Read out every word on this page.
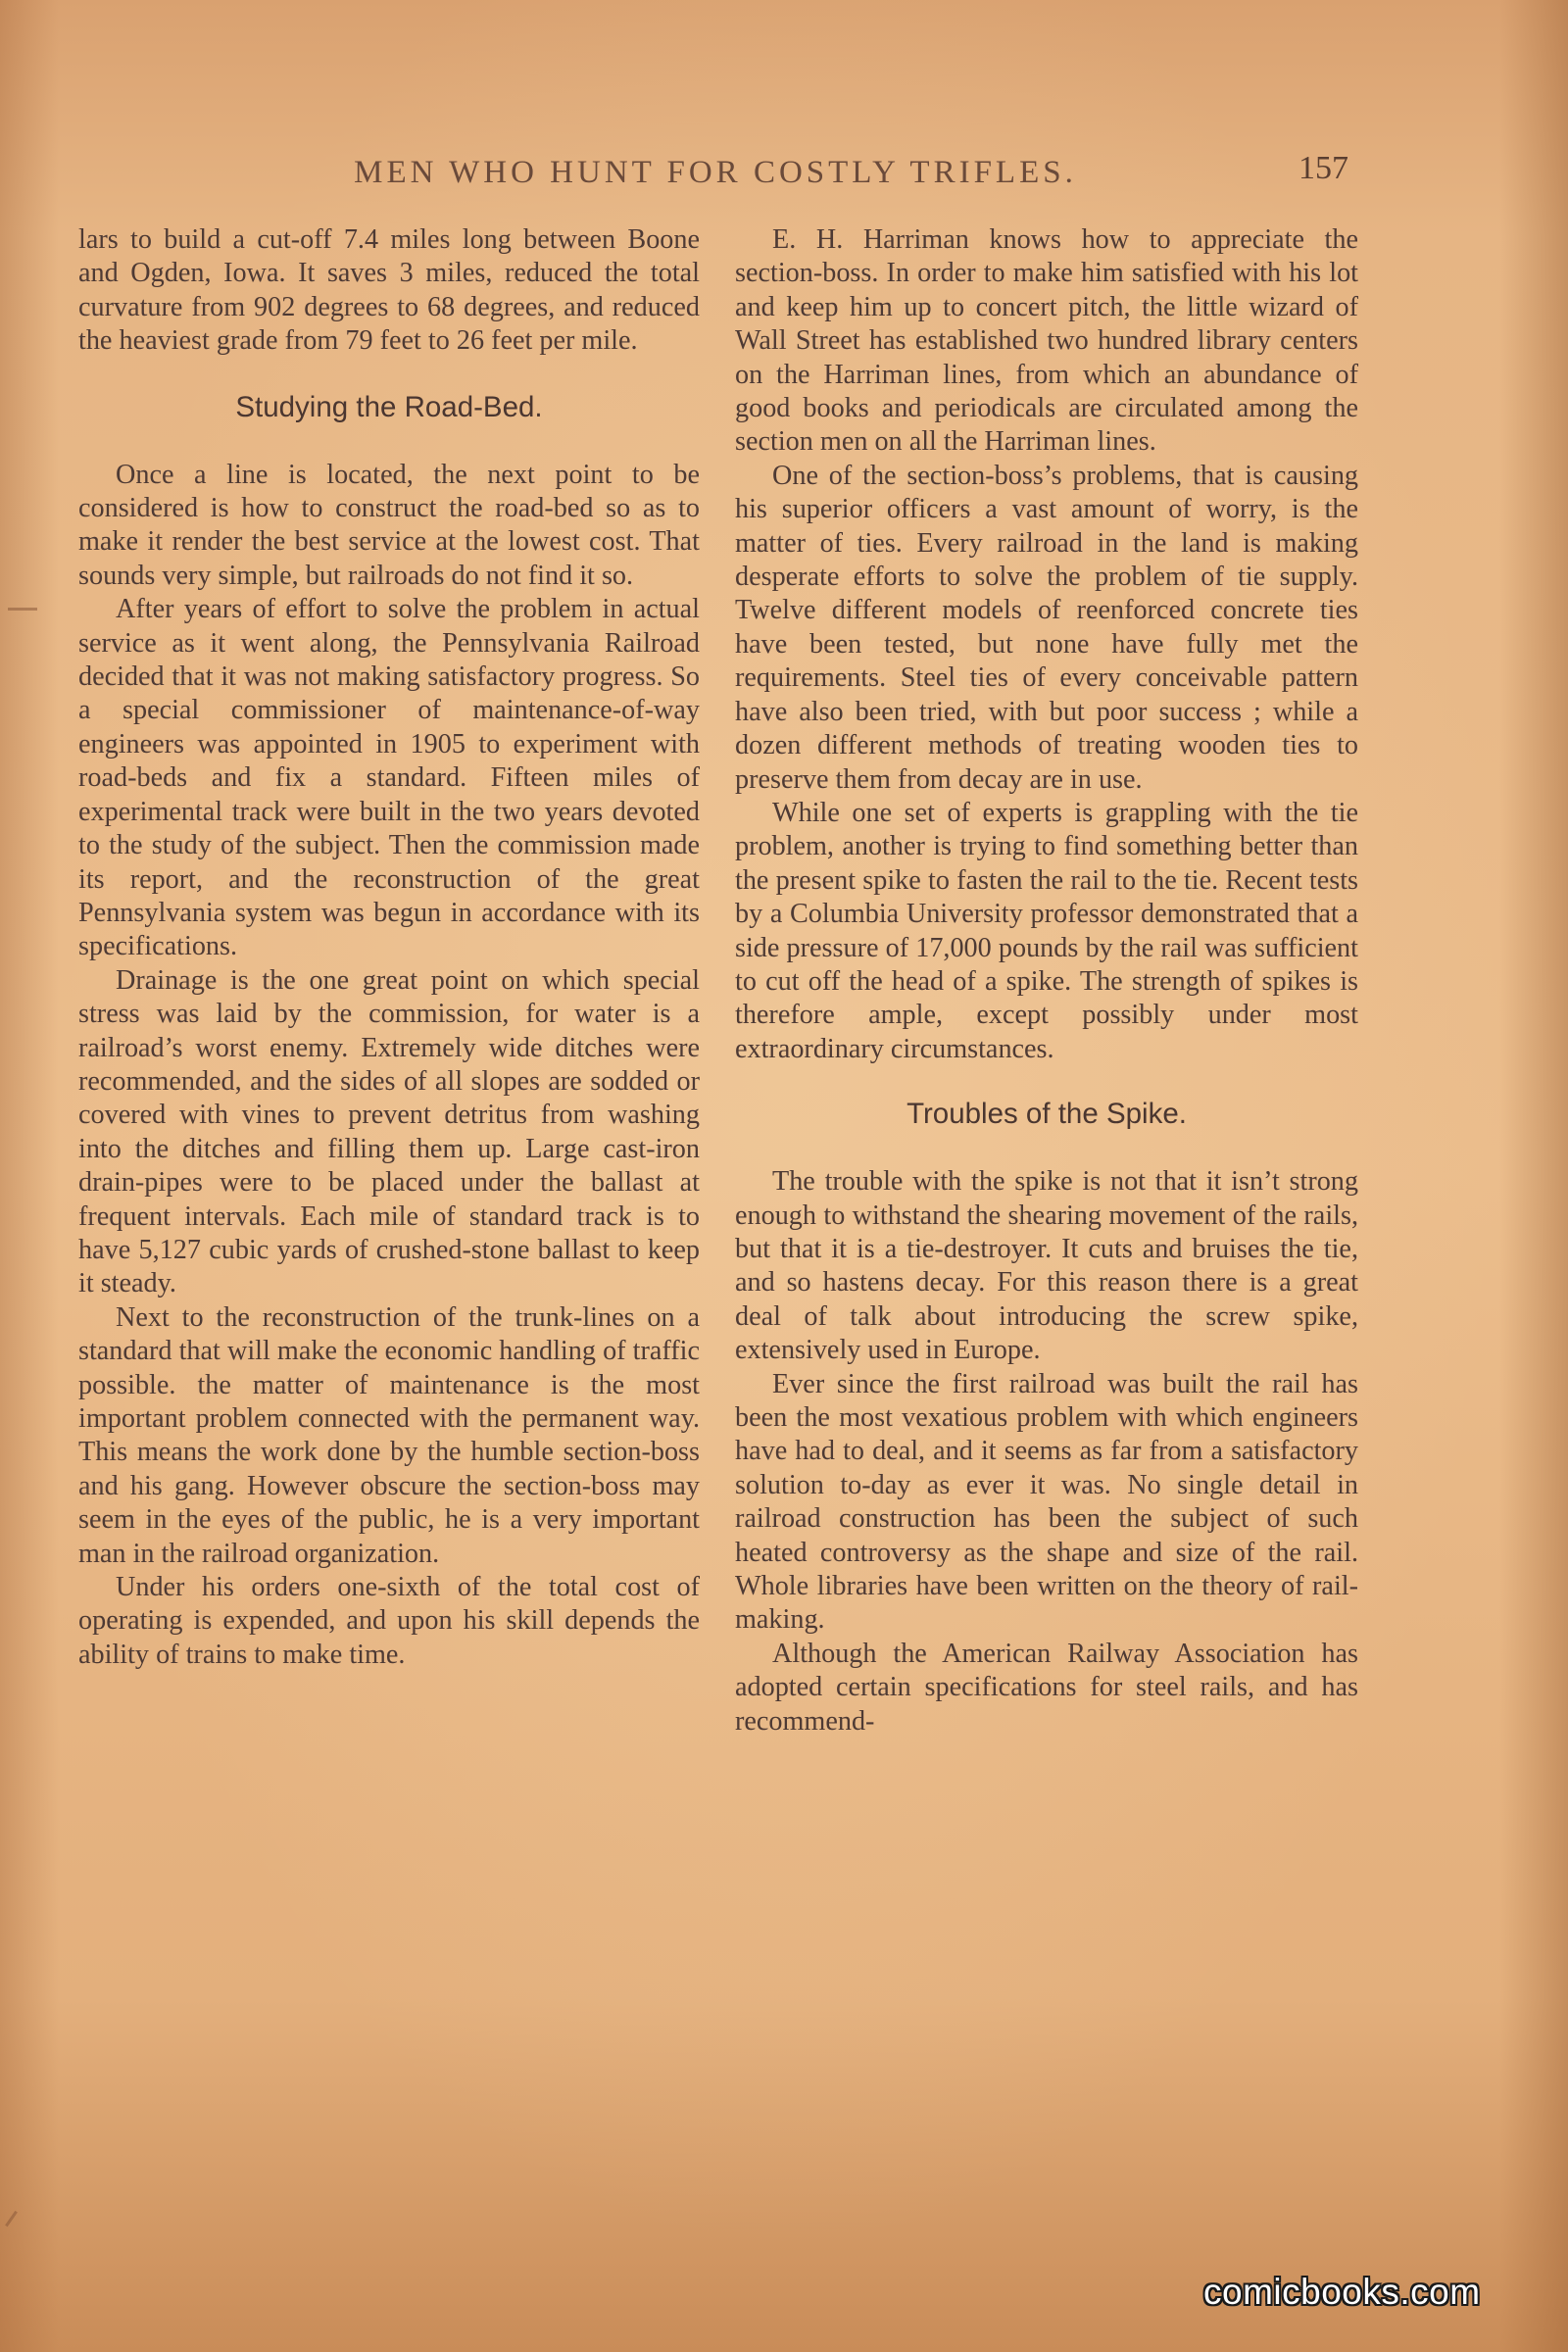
MEN WHO HUNT FOR COSTLY TRIFLES.	157

lars to build a cut-off 7.4 miles long between Boone and Ogden, Iowa. It saves 3 miles, reduced the total curvature from 902 degrees to 68 degrees, and reduced the heaviest grade from 79 feet to 26 feet per mile.

Studying the Road-Bed.

Once a line is located, the next point to be considered is how to construct the road-bed so as to make it render the best service at the lowest cost. That sounds very simple, but railroads do not find it so.

After years of effort to solve the problem in actual service as it went along, the Pennsylvania Railroad decided that it was not making satisfactory progress. So a special commissioner of maintenance-of-way engineers was appointed in 1905 to experiment with road-beds and fix a standard. Fifteen miles of experimental track were built in the two years devoted to the study of the subject. Then the commission made its report, and the reconstruction of the great Pennsylvania system was begun in accordance with its specifications.

Drainage is the one great point on which special stress was laid by the commission, for water is a railroad’s worst enemy. Extremely wide ditches were recommended, and the sides of all slopes are sodded or covered with vines to prevent detritus from washing into the ditches and filling them up. Large cast-iron drain-pipes were to be placed under the ballast at frequent intervals. Each mile of standard track is to have 5,127 cubic yards of crushed-stone ballast to keep it steady.

Next to the reconstruction of the trunk-lines on a standard that will make the economic handling of traffic possible. the matter of maintenance is the most important problem connected with the permanent way. This means the work done by the humble section-boss and his gang. However obscure the section-boss may seem in the eyes of the public, he is a very important man in the railroad organization.

Under his orders one-sixth of the total cost of operating is expended, and upon his skill depends the ability of trains to make time.

E. H. Harriman knows how to appreciate the section-boss. In order to make him satisfied with his lot and keep him up to concert pitch, the little wizard of Wall Street has established two hundred library centers on the Harriman lines, from which an abundance of good books and periodicals are circulated among the section men on all the Harriman lines.

One of the section-boss’s problems, that is causing his superior officers a vast amount of worry, is the matter of ties. Every railroad in the land is making desperate efforts to solve the problem of tie supply. Twelve different models of reenforced concrete ties have been tested, but none have fully met the requirements. Steel ties of every conceivable pattern have also been tried, with but poor success ; while a dozen different methods of treating wooden ties to preserve them from decay are in use.

While one set of experts is grappling with the tie problem, another is trying to find something better than the present spike to fasten the rail to the tie. Recent tests by a Columbia University professor demonstrated that a side pressure of 17,000 pounds by the rail was sufficient to cut off the head of a spike. The strength of spikes is therefore ample, except possibly under most extraordinary circumstances.

Troubles of the Spike.

The trouble with the spike is not that it isn’t strong enough to withstand the shearing movement of the rails, but that it is a tie-destroyer. It cuts and bruises the tie, and so hastens decay. For this reason there is a great deal of talk about introducing the screw spike, extensively used in Europe.

Ever since the first railroad was built the rail has been the most vexatious problem with which engineers have had to deal, and it seems as far from a satisfactory solution to-day as ever it was. No single detail in railroad construction has been the subject of such heated controversy as the shape and size of the rail. Whole libraries have been written on the theory of rail-making.

Although the American Railway Association has adopted certain specifications for steel rails, and has recommend-

comicbooks.com
